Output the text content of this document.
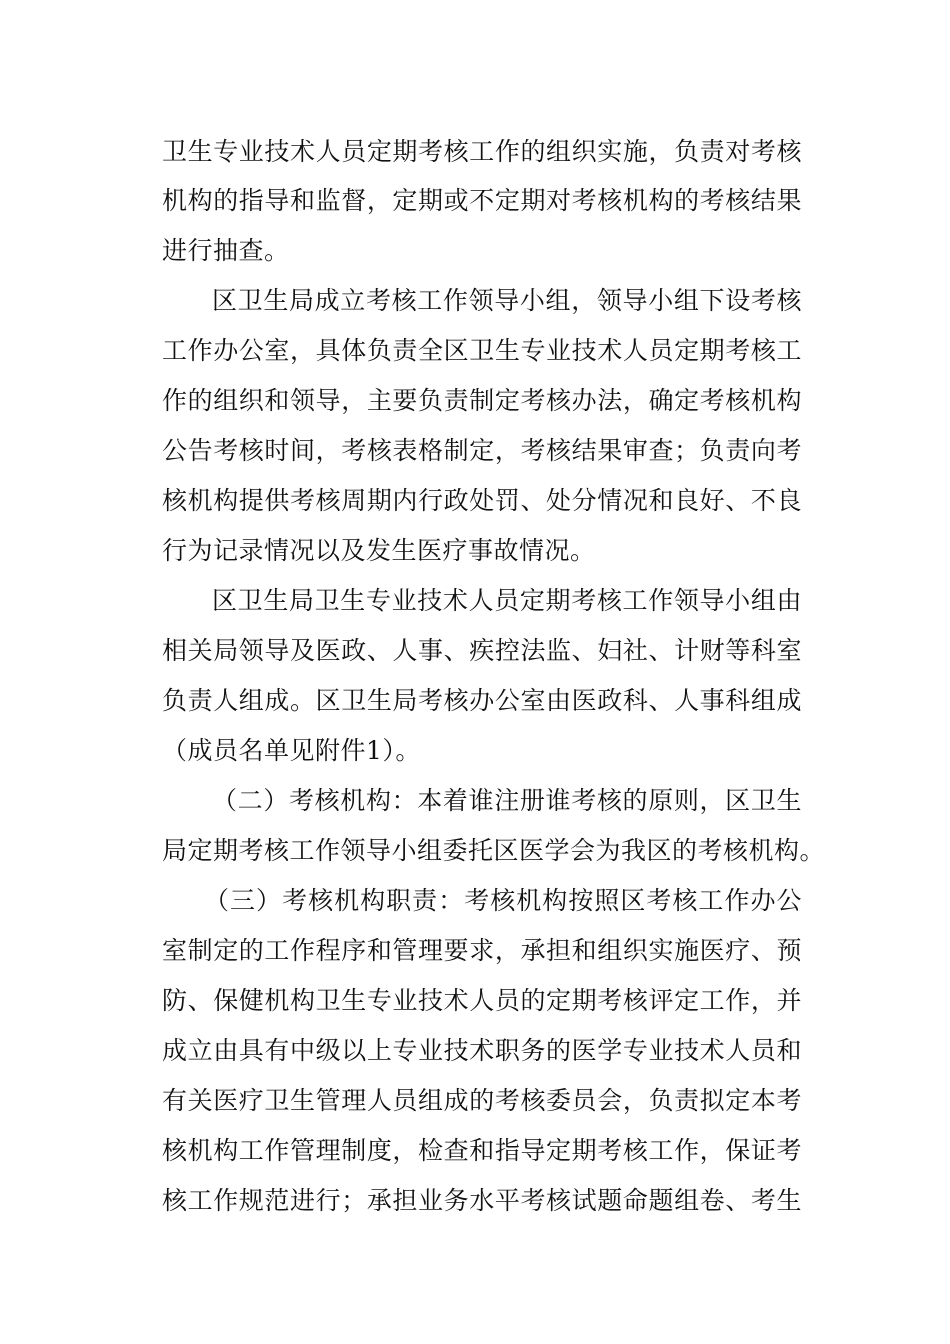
卫生专业技术人员定期考核工作的组织实施，负责对考核
机构的指导和监督，定期或不定期对考核机构的考核结果
进行抽查。
区卫生局成立考核工作领导小组，领导小组下设考核
工作办公室，具体负责全区卫生专业技术人员定期考核工
作的组织和领导，主要负责制定考核办法，确定考核机构
公告考核时间，考核表格制定，考核结果审查；负责向考
核机构提供考核周期内行政处罚、处分情况和良好、不良
行为记录情况以及发生医疗事故情况。
区卫生局卫生专业技术人员定期考核工作领导小组由
相关局领导及医政、人事、疾控法监、妇社、计财等科室
负责人组成。区卫生局考核办公室由医政科、人事科组成
（成员名单见附件1）。
（二）考核机构：本着谁注册谁考核的原则，区卫生
局定期考核工作领导小组委托区医学会为我区的考核机构。
（三）考核机构职责：考核机构按照区考核工作办公
室制定的工作程序和管理要求，承担和组织实施医疗、预
防、保健机构卫生专业技术人员的定期考核评定工作，并
成立由具有中级以上专业技术职务的医学专业技术人员和
有关医疗卫生管理人员组成的考核委员会，负责拟定本考
核机构工作管理制度，检查和指导定期考核工作，保证考
核工作规范进行；承担业务水平考核试题命题组卷、考生
